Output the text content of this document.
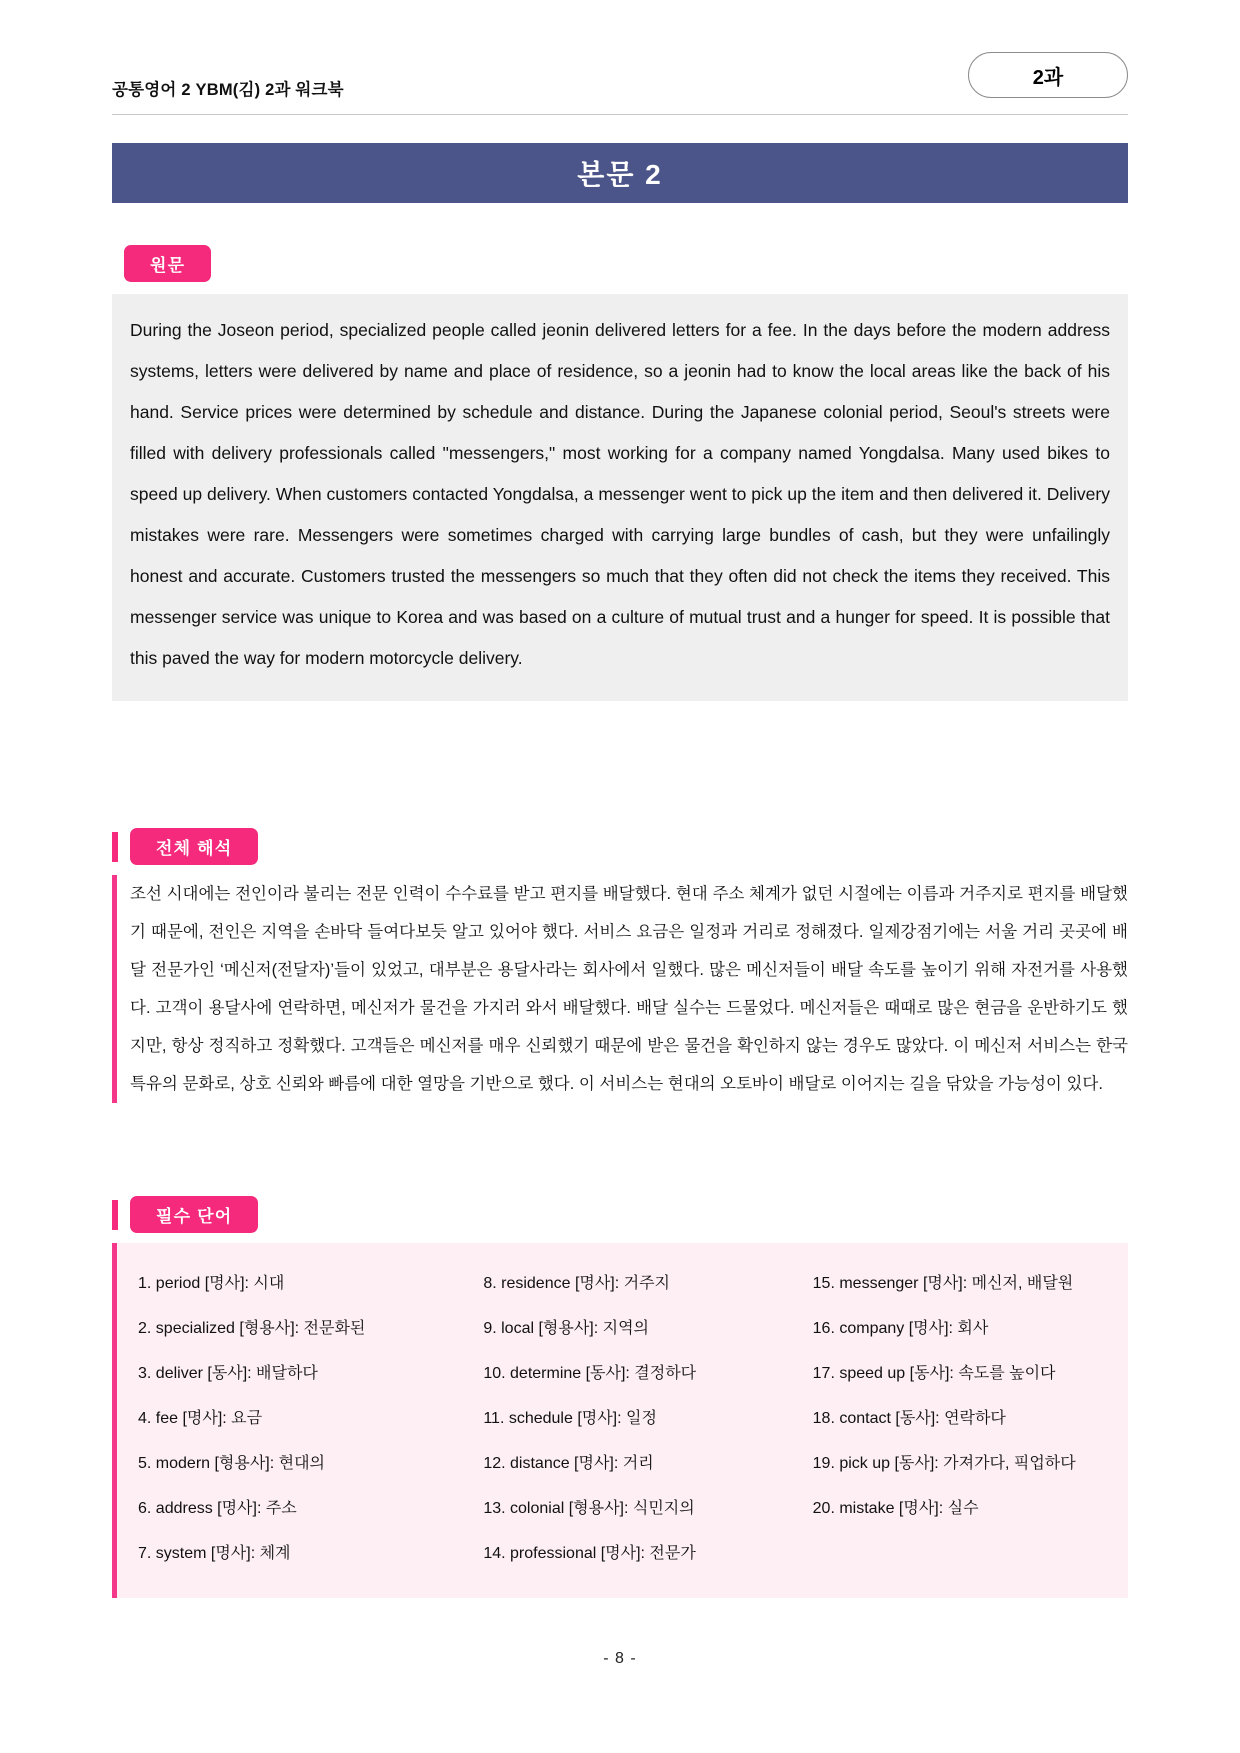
공통영어 2 YBM(김) 2과 워크북
2과
본문 2
원문
During the Joseon period, specialized people called jeonin delivered letters for a fee. In the days before the modern address systems, letters were delivered by name and place of residence, so a jeonin had to know the local areas like the back of his hand. Service prices were determined by schedule and distance. During the Japanese colonial period, Seoul's streets were filled with delivery professionals called "messengers," most working for a company named Yongdalsa. Many used bikes to speed up delivery. When customers contacted Yongdalsa, a messenger went to pick up the item and then delivered it. Delivery mistakes were rare. Messengers were sometimes charged with carrying large bundles of cash, but they were unfailingly honest and accurate. Customers trusted the messengers so much that they often did not check the items they received. This messenger service was unique to Korea and was based on a culture of mutual trust and a hunger for speed. It is possible that this paved the way for modern motorcycle delivery.
전체 해석
조선 시대에는 전인이라 불리는 전문 인력이 수수료를 받고 편지를 배달했다. 현대 주소 체계가 없던 시절에는 이름과 거주지로 편지를 배달했기 때문에, 전인은 지역을 손바닥 들여다보듯 알고 있어야 했다. 서비스 요금은 일정과 거리로 정해졌다. 일제강점기에는 서울 거리 곳곳에 배달 전문가인 ‘메신저(전달자)’들이 있었고, 대부분은 용달사라는 회사에서 일했다. 많은 메신저들이 배달 속도를 높이기 위해 자전거를 사용했다. 고객이 용달사에 연락하면, 메신저가 물건을 가지러 와서 배달했다. 배달 실수는 드물었다. 메신저들은 때때로 많은 현금을 운반하기도 했지만, 항상 정직하고 정확했다. 고객들은 메신저를 매우 신뢰했기 때문에 받은 물건을 확인하지 않는 경우도 많았다. 이 메신저 서비스는 한국 특유의 문화로, 상호 신뢰와 빠름에 대한 열망을 기반으로 했다. 이 서비스는 현대의 오토바이 배달로 이어지는 길을 닦았을 가능성이 있다.
필수 단어
1. period [명사]: 시대
2. specialized [형용사]: 전문화된
3. deliver [동사]: 배달하다
4. fee [명사]: 요금
5. modern [형용사]: 현대의
6. address [명사]: 주소
7. system [명사]: 체계
8. residence [명사]: 거주지
9. local [형용사]: 지역의
10. determine [동사]: 결정하다
11. schedule [명사]: 일정
12. distance [명사]: 거리
13. colonial [형용사]: 식민지의
14. professional [명사]: 전문가
15. messenger [명사]: 메신저, 배달원
16. company [명사]: 회사
17. speed up [동사]: 속도를 높이다
18. contact [동사]: 연락하다
19. pick up [동사]: 가져가다, 픽업하다
20. mistake [명사]: 실수
- 8 -
